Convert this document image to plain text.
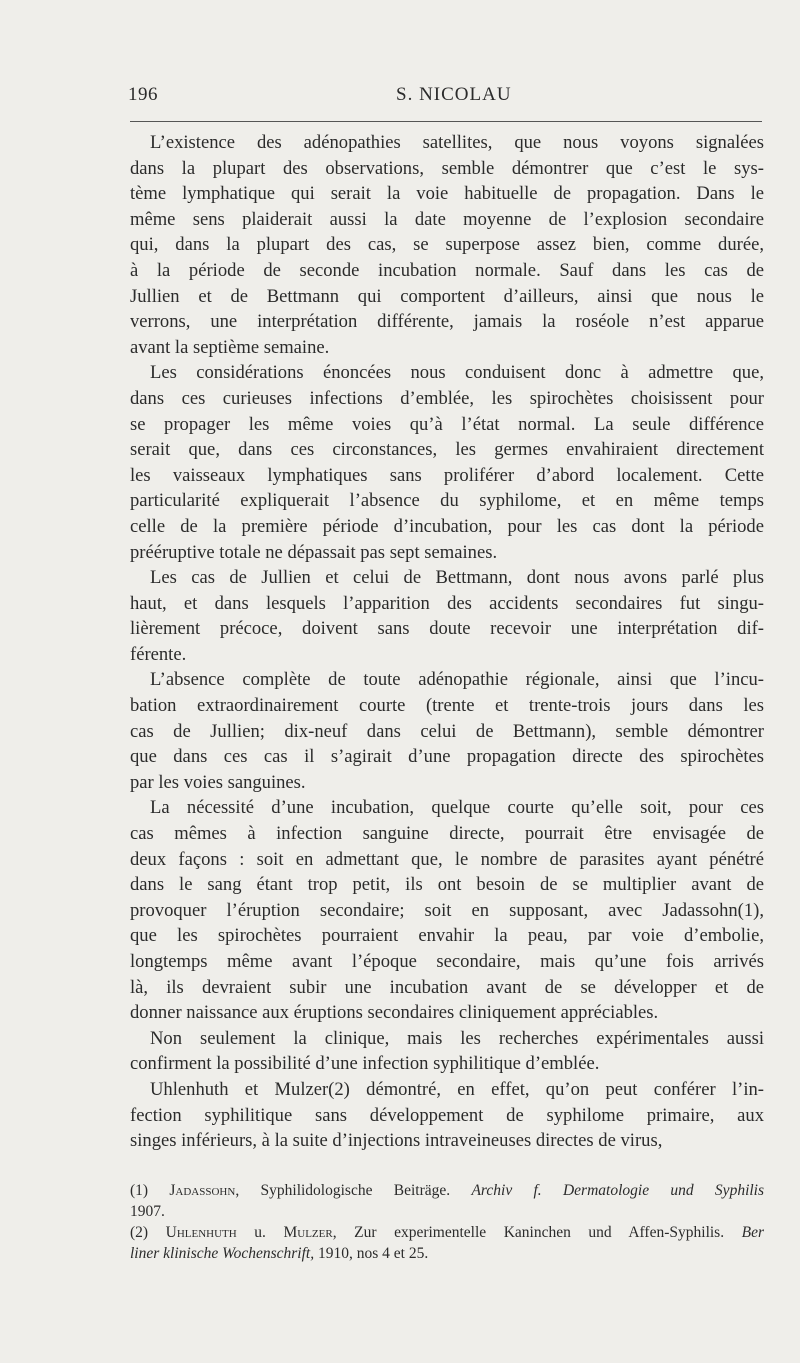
196	S. NICOLAU
L’existence des adénopathies satellites, que nous voyons signalées
dans la plupart des observations, semble démontrer que c’est le sys-
tème lymphatique qui serait la voie habituelle de propagation. Dans le
même sens plaiderait aussi la date moyenne de l’explosion secondaire
qui, dans la plupart des cas, se superpose assez bien, comme durée,
à la période de seconde incubation normale. Sauf dans les cas de
Jullien et de Bettmann qui comportent d’ailleurs, ainsi que nous le
verrons, une interprétation différente, jamais la roséole n’est apparue
avant la septième semaine.
Les considérations énoncées nous conduisent donc à admettre que,
dans ces curieuses infections d’emblée, les spirochètes choisissent pour
se propager les même voies qu’à l’état normal. La seule différence
serait que, dans ces circonstances, les germes envahiraient directement
les vaisseaux lymphatiques sans proliférer d’abord localement. Cette
particularité expliquerait l’absence du syphilome, et en même temps
celle de la première période d’incubation, pour les cas dont la période
prééruptive totale ne dépassait pas sept semaines.
Les cas de Jullien et celui de Bettmann, dont nous avons parlé plus
haut, et dans lesquels l’apparition des accidents secondaires fut singu-
lièrement précoce, doivent sans doute recevoir une interprétation dif-
férente.
L’absence complète de toute adénopathie régionale, ainsi que l’incu-
bation extraordinairement courte (trente et trente-trois jours dans les
cas de Jullien; dix-neuf dans celui de Bettmann), semble démontrer
que dans ces cas il s’agirait d’une propagation directe des spirochètes
par les voies sanguines.
La nécessité d’une incubation, quelque courte qu’elle soit, pour ces
cas mêmes à infection sanguine directe, pourrait être envisagée de
deux façons : soit en admettant que, le nombre de parasites ayant pénétré
dans le sang étant trop petit, ils ont besoin de se multiplier avant de
provoquer l’éruption secondaire; soit en supposant, avec Jadassohn(1),
que les spirochètes pourraient envahir la peau, par voie d’embolie,
longtemps même avant l’époque secondaire, mais qu’une fois arrivés
là, ils devraient subir une incubation avant de se développer et de
donner naissance aux éruptions secondaires cliniquement appréciables.
Non seulement la clinique, mais les recherches expérimentales aussi
confirment la possibilité d’une infection syphilitique d’emblée.
Uhlenhuth et Mulzer(2) démontré, en effet, qu’on peut conférer l’in-
fection syphilitique sans développement de syphilome primaire, aux
singes inférieurs, à la suite d’injections intraveineuses directes de virus,
(1) Jadassohn, Syphilidologische Beiträge. Archiv f. Dermatologie und Syphilis
1907.
(2) Uhlenhuth u. Mulzer, Zur experimentelle Kaninchen und Affen-Syphilis. Ber
liner klinische Wochenschrift, 1910, nos 4 et 25.
